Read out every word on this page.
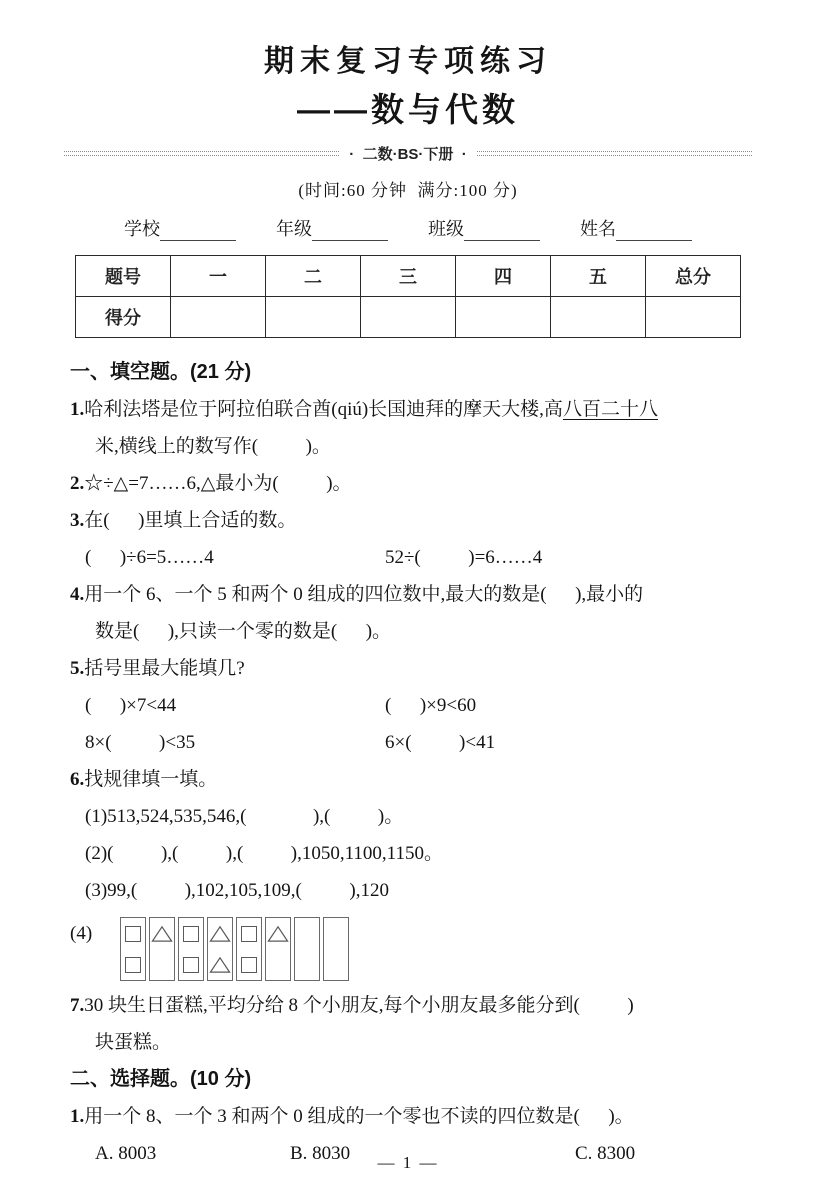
期末复习专项练习
——数与代数
·  二数·BS·下册  ·
(时间:60 分钟  满分:100 分)
学校	年级	班级	姓名
题号	一	二	三	四	五	总分
得分						
一、填空题。(21 分)
1.哈利法塔是位于阿拉伯联合酋(qiú)长国迪拜的摩天大楼,高八百二十八
米,横线上的数写作(          )。
2.☆÷△=7……6,△最小为(          )。
3.在(      )里填上合适的数。
(      )÷6=5……4	52÷(          )=6……4
4.用一个 6、一个 5 和两个 0 组成的四位数中,最大的数是(      ),最小的
数是(      ),只读一个零的数是(      )。
5.括号里最大能填几?
(      )×7<44	(      )×9<60
8×(          )<35	6×(          )<41
6.找规律填一填。
(1)513,524,535,546,(              ),(          )。
(2)(          ),(          ),(          ),1050,1100,1150。
(3)99,(          ),102,105,109,(          ),120
(4)
7.30 块生日蛋糕,平均分给 8 个小朋友,每个小朋友最多能分到(          )
块蛋糕。
二、选择题。(10 分)
1.用一个 8、一个 3 和两个 0 组成的一个零也不读的四位数是(      )。
A. 8003	B. 8030	C. 8300
— 1 —
